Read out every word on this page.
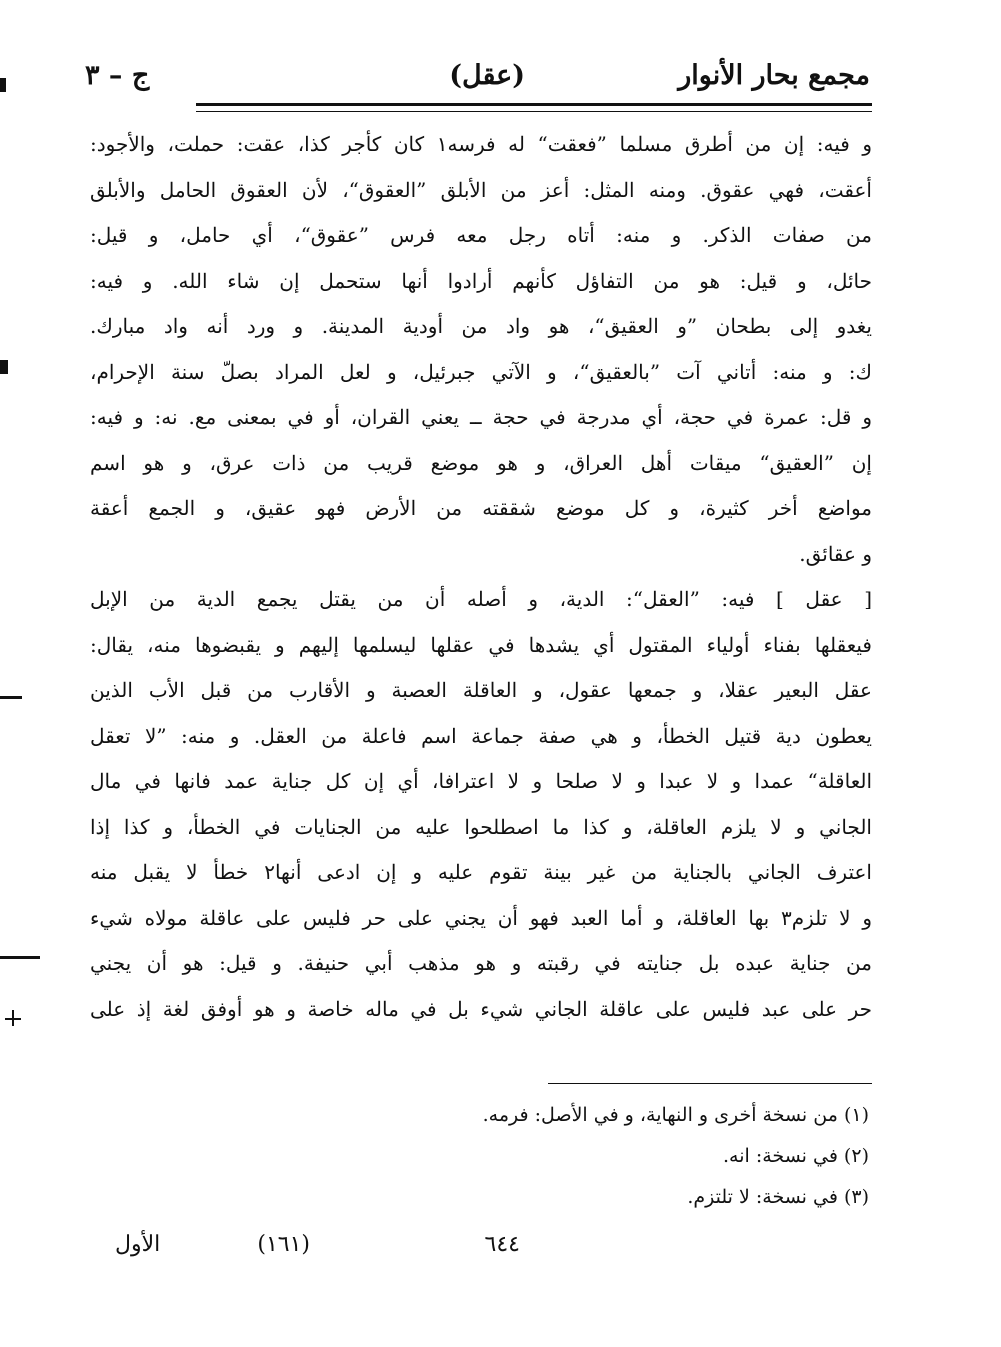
مجمع بحار الأنوار
(عقل)
ج – ٣
و فيه: إن من أطرق مسلما ”فعقت“ له فرسه١ كان كأجر كذا، عقت: حملت، والأجود:
أعقت، فهي عقوق. ومنه المثل: أعز من الأبلق ”العقوق“، لأن العقوق الحامل والأبلق
من صفات الذكر. و منه: أتاه رجل معه فرس ”عقوق“، أي حامل، و قيل:
حائل، و قيل: هو من التفاؤل كأنهم أرادوا أنها ستحمل إن شاء الله. و فيه:
يغدو إلى بطحان ”و العقيق“، هو واد من أودية المدينة. و ورد أنه واد مبارك.
ك: و منه: أتاني آت ”بالعقيق“، و الآتي جبرئيل، و لعل المراد بصلّ سنة الإحرام،
و قل: عمرة في حجة، أي مدرجة في حجة ــ يعني القران، أو في بمعنى مع. نه: و فيه:
إن ”العقيق“ ميقات أهل العراق، و هو موضع قريب من ذات عرق، و هو اسم
مواضع أخر كثيرة، و كل موضع شققته من الأرض فهو عقيق، و الجمع أعقة
و عقائق.
[ عقل ] فيه: ”العقل“: الدية، و أصله أن من يقتل يجمع الدية من الإبل
فيعقلها بفناء أولياء المقتول أي يشدها في عقلها ليسلمها إليهم و يقبضوها منه، يقال:
عقل البعير عقلا، و جمعها عقول، و العاقلة العصبة و الأقارب من قبل الأب الذين
يعطون دية قتيل الخطأ، و هي صفة جماعة اسم فاعلة من العقل. و منه: ”لا تعقل
العاقلة“ عمدا و لا عبدا و لا صلحا و لا اعترافا، أي إن كل جناية عمد فانها في مال
الجاني و لا يلزم العاقلة، و كذا ما اصطلحوا عليه من الجنايات في الخطأ، و كذا إذا
اعترف الجاني بالجناية من غير بينة تقوم عليه و إن ادعى أنها٢ خطأ لا يقبل منه
و لا تلزم٣ بها العاقلة، و أما العبد فهو أن يجني على حر فليس على عاقلة مولاه شيء
من جناية عبده بل جنايته في رقبته و هو مذهب أبي حنيفة. و قيل: هو أن يجني
حر على عبد فليس على عاقلة الجاني شيء بل في ماله خاصة و هو أوفق لغة إذ على
(١) من نسخة أخرى و النهاية، و في الأصل: فرمه.
(٢) في نسخة: انه.
(٣) في نسخة: لا تلتزم.
٦٤٤
(١٦١)
الأول
